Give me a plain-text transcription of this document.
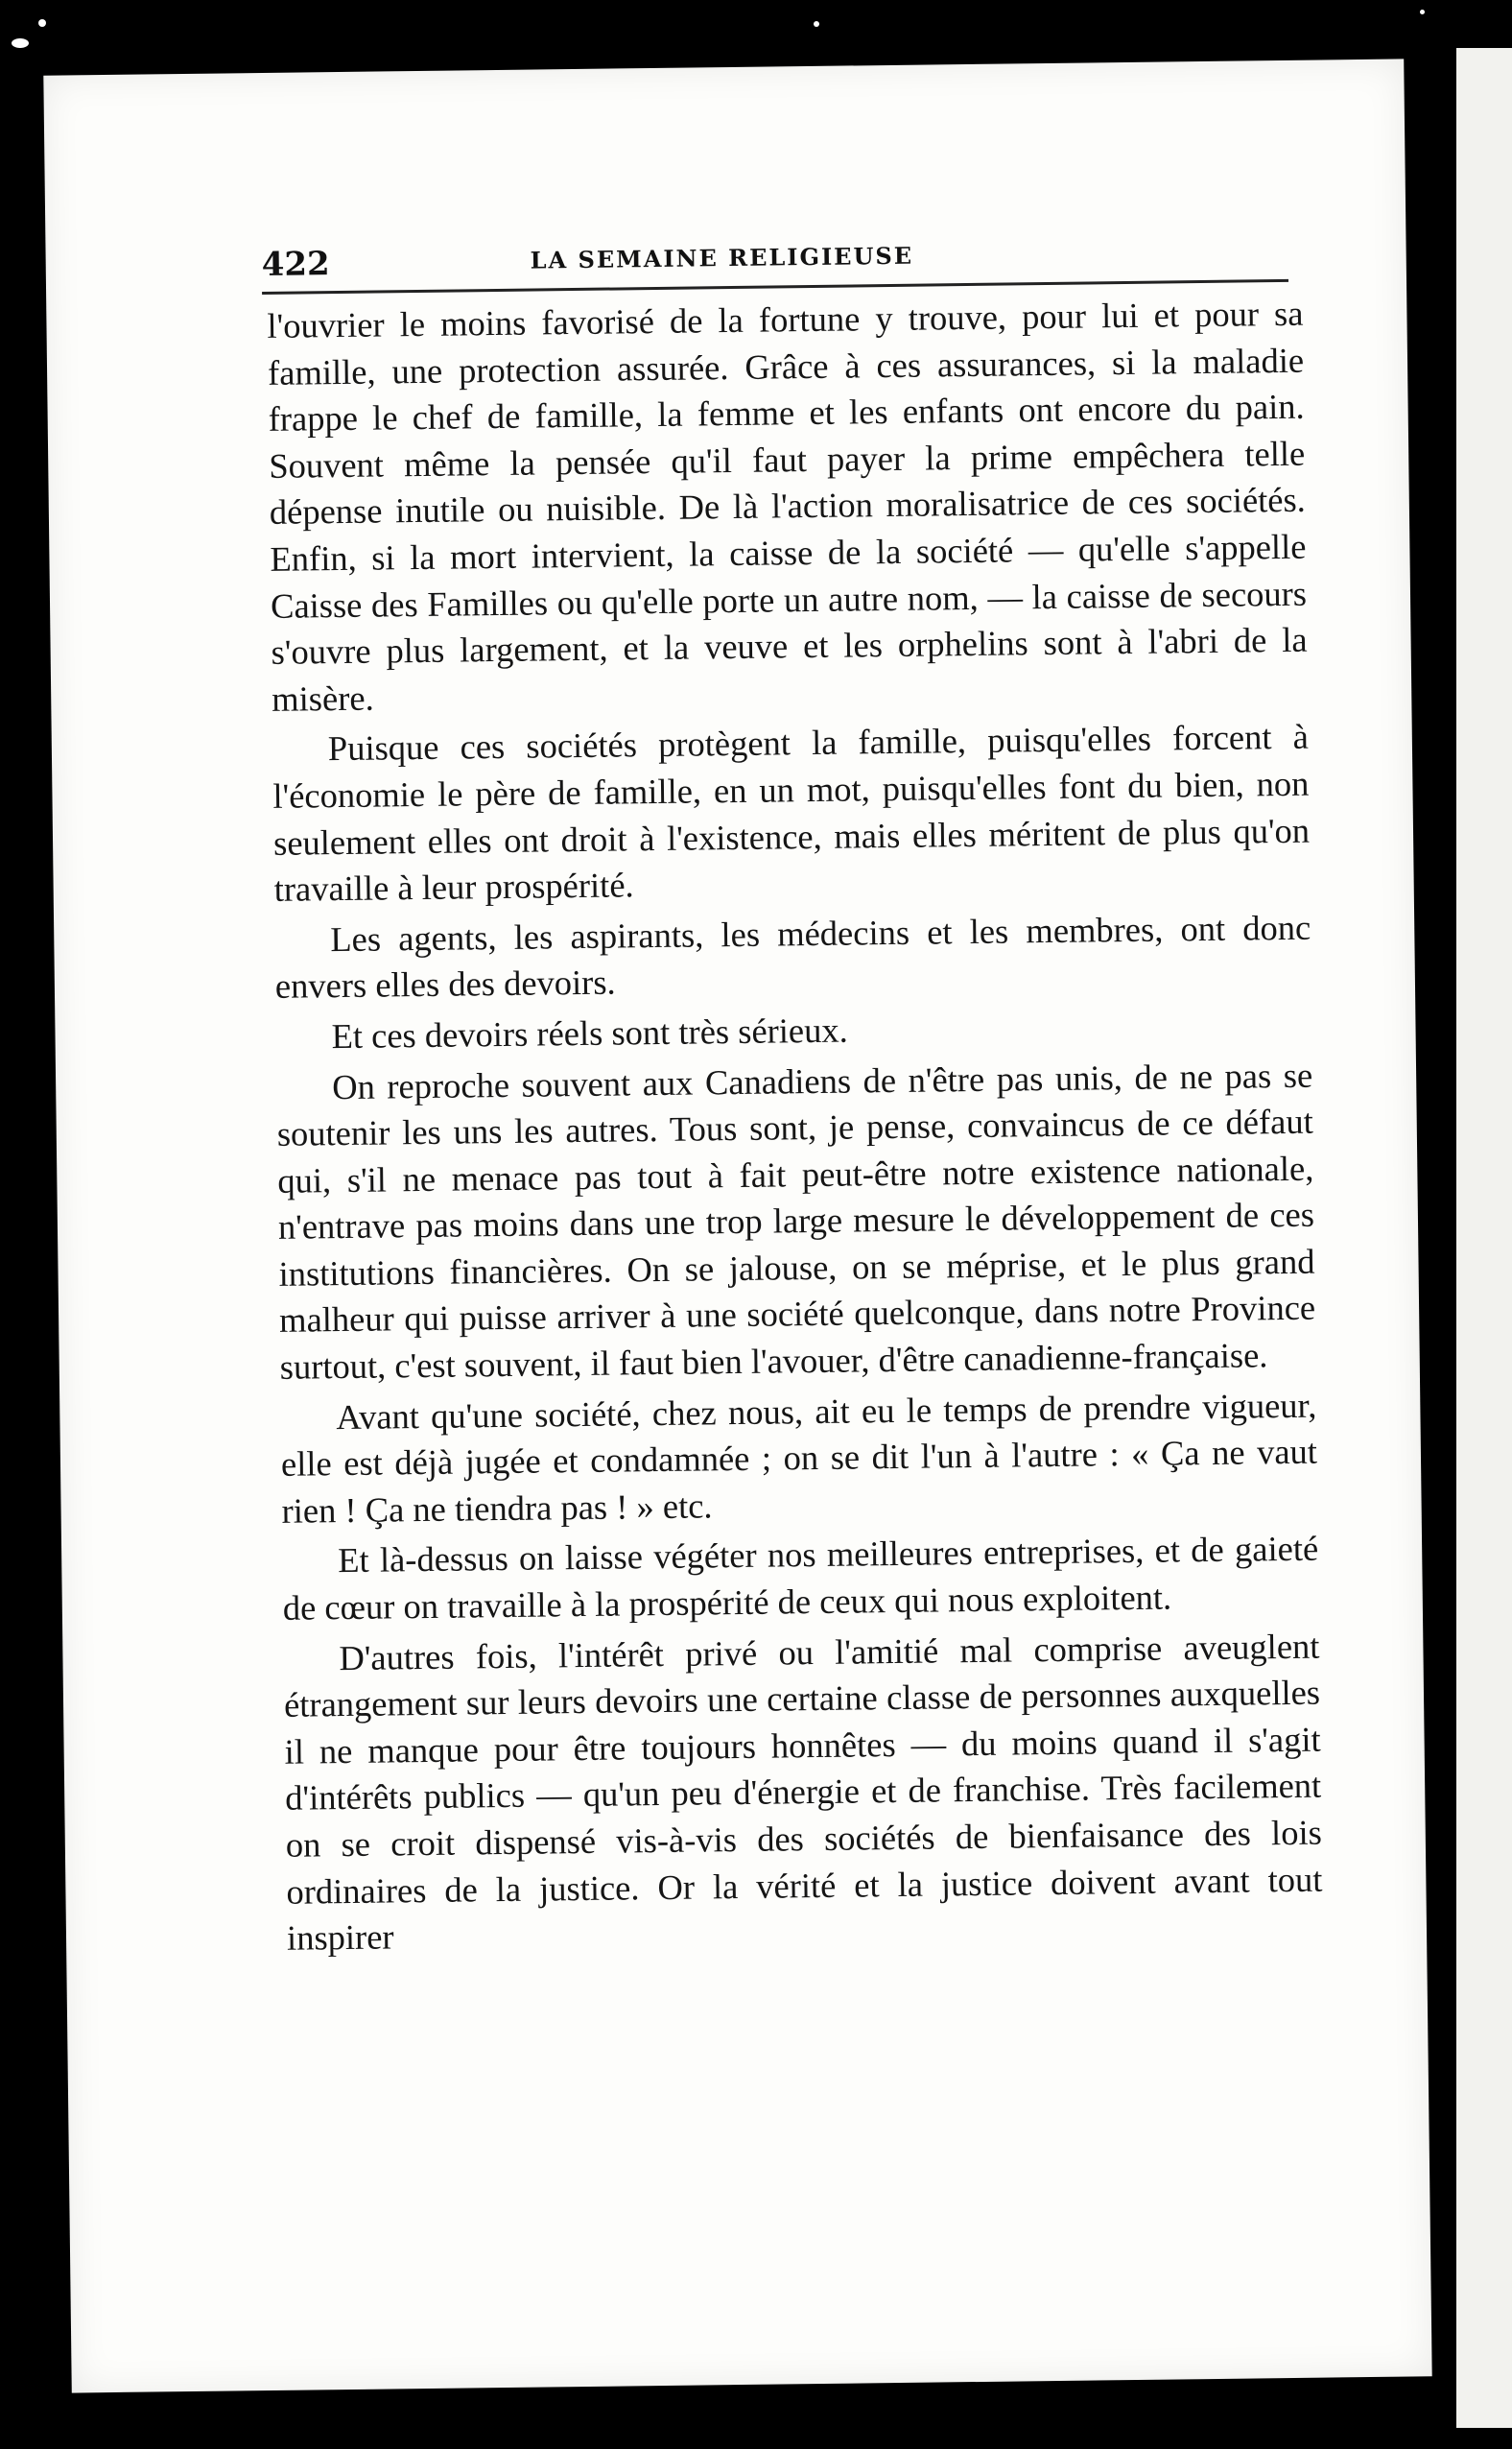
422	LA SEMAINE RELIGIEUSE

l'ouvrier le moins favorisé de la fortune y trouve, pour lui et pour sa famille, une protection assurée. Grâce à ces assurances, si la maladie frappe le chef de famille, la femme et les enfants ont encore du pain. Souvent même la pensée qu'il faut payer la prime empêchera telle dépense inutile ou nuisible. De là l'action moralisatrice de ces sociétés. Enfin, si la mort intervient, la caisse de la société — qu'elle s'appelle Caisse des Familles ou qu'elle porte un autre nom, — la caisse de secours s'ouvre plus largement, et la veuve et les orphelins sont à l'abri de la misère.

Puisque ces sociétés protègent la famille, puisqu'elles forcent à l'économie le père de famille, en un mot, puisqu'elles font du bien, non seulement elles ont droit à l'existence, mais elles méritent de plus qu'on travaille à leur prospérité.

Les agents, les aspirants, les médecins et les membres, ont donc envers elles des devoirs.

Et ces devoirs réels sont très sérieux.

On reproche souvent aux Canadiens de n'être pas unis, de ne pas se soutenir les uns les autres. Tous sont, je pense, convaincus de ce défaut qui, s'il ne menace pas tout à fait peut-être notre existence nationale, n'entrave pas moins dans une trop large mesure le développement de ces institutions financières. On se jalouse, on se méprise, et le plus grand malheur qui puisse arriver à une société quelconque, dans notre Province surtout, c'est souvent, il faut bien l'avouer, d'être canadienne-française.

Avant qu'une société, chez nous, ait eu le temps de prendre vigueur, elle est déjà jugée et condamnée ; on se dit l'un à l'autre : « Ça ne vaut rien ! Ça ne tiendra pas ! » etc.

Et là-dessus on laisse végéter nos meilleures entreprises, et de gaieté de cœur on travaille à la prospérité de ceux qui nous exploitent.

D'autres fois, l'intérêt privé ou l'amitié mal comprise aveuglent étrangement sur leurs devoirs une certaine classe de personnes auxquelles il ne manque pour être toujours honnêtes — du moins quand il s'agit d'intérêts publics — qu'un peu d'énergie et de franchise. Très facilement on se croit dispensé vis-à-vis des sociétés de bienfaisance des lois ordinaires de la justice. Or la vérité et la justice doivent avant tout inspirer
